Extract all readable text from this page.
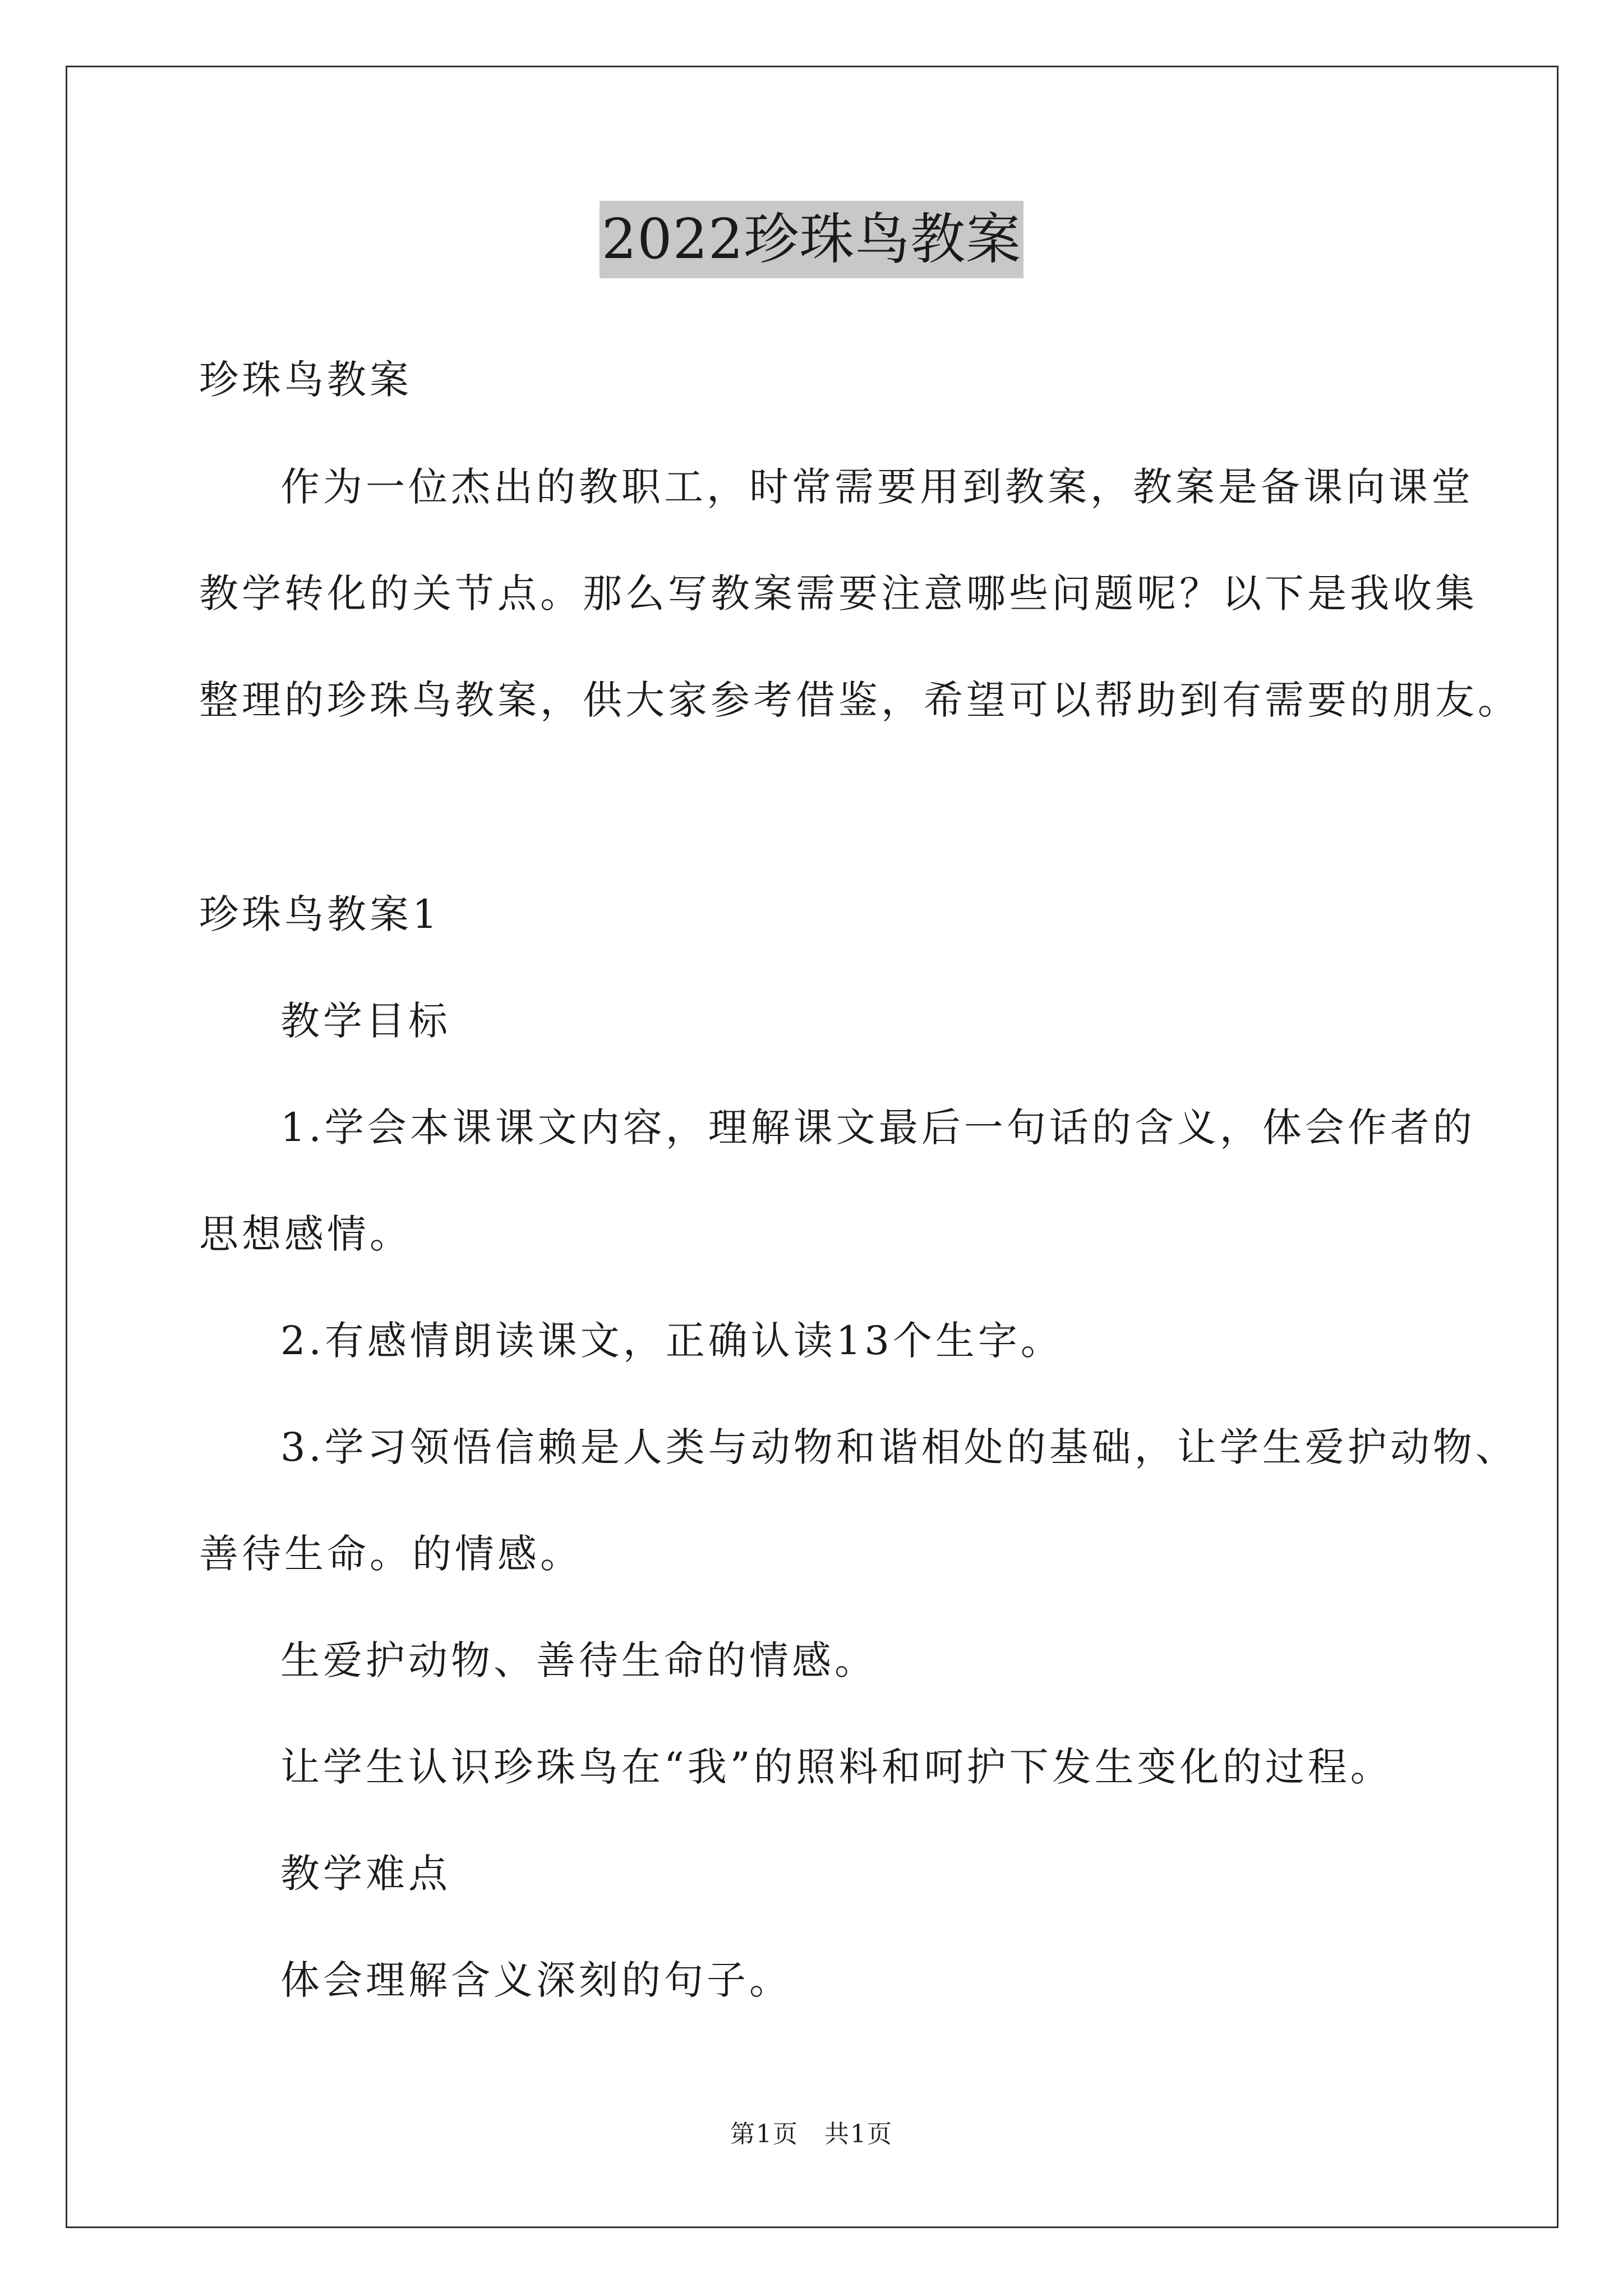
2022珍珠鸟教案
珍珠鸟教案
作为一位杰出的教职工，时常需要用到教案，教案是备课向课堂
教学转化的关节点。那么写教案需要注意哪些问题呢？以下是我收集
整理的珍珠鸟教案，供大家参考借鉴，希望可以帮助到有需要的朋友。
珍珠鸟教案1
教学目标
1.学会本课课文内容，理解课文最后一句话的含义，体会作者的
思想感情。
2.有感情朗读课文，正确认读13个生字。
3.学习领悟信赖是人类与动物和谐相处的基础，让学生爱护动物、
善待生命。的情感。
生爱护动物、善待生命的情感。
让学生认识珍珠鸟在“我”的照料和呵护下发生变化的过程。
教学难点
体会理解含义深刻的句子。
第1页　共1页
